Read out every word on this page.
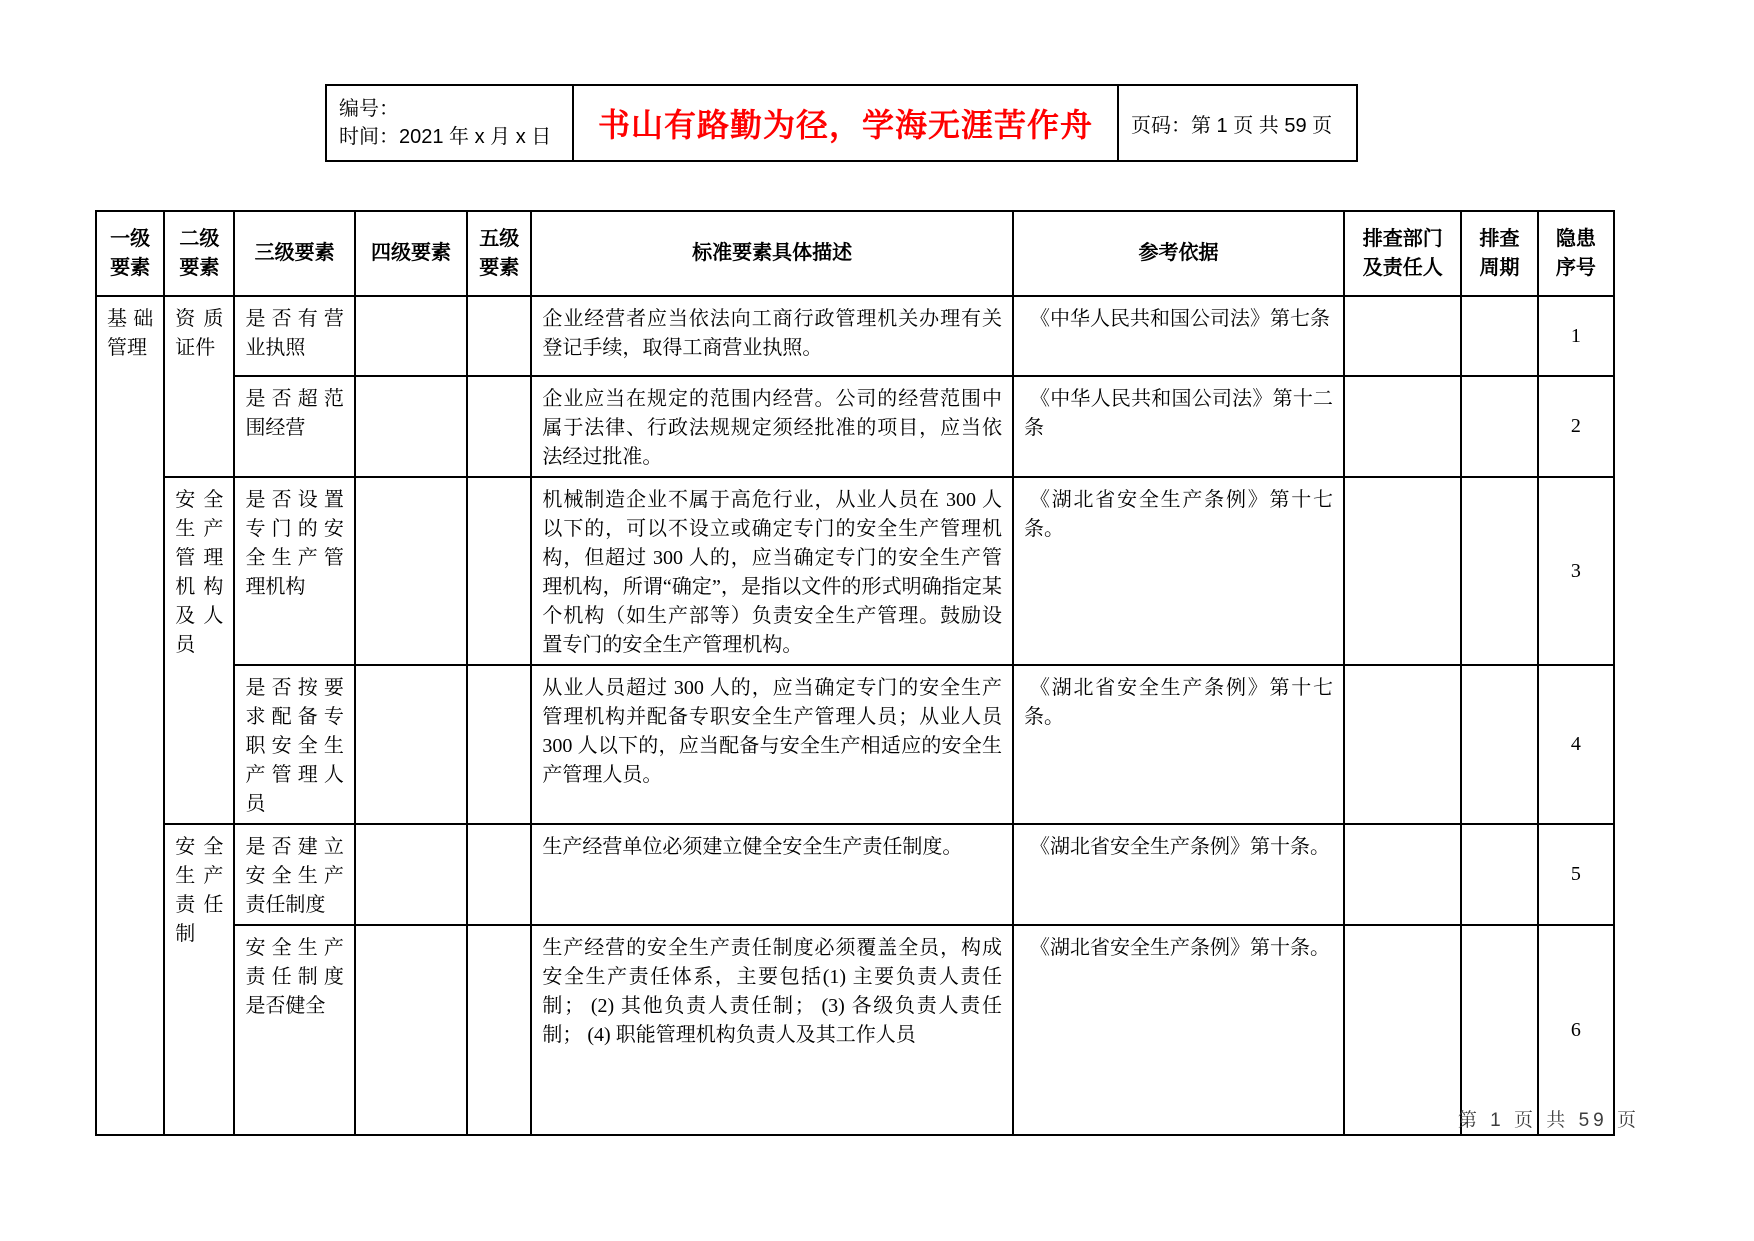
编号：
时间：2021 年 x 月 x 日	书山有路勤为径，学海无涯苦作舟	页码：第 1 页 共 59 页
一级要素	二级要素	三级要素	四级要素	五级要素	标准要素具体描述	参考依据	排查部门及责任人	排查周期	隐患序号
基础管理	资质证件	是否有营业执照			企业经营者应当依法向工商行政管理机关办理有关登记手续，取得工商营业执照。	《中华人民共和国公司法》第七条			1
		是否超范围经营			企业应当在规定的范围内经营。公司的经营范围中属于法律、行政法规规定须经批准的项目，应当依法经过批准。	《中华人民共和国公司法》第十二条			2
	安全生产管理机构及人员	是否设置专门的安全生产管理机构			机械制造企业不属于高危行业，从业人员在 300 人以下的，可以不设立或确定专门的安全生产管理机构，但超过 300 人的，应当确定专门的安全生产管理机构，所谓“确定”，是指以文件的形式明确指定某个机构（如生产部等）负责安全生产管理。鼓励设置专门的安全生产管理机构。	《湖北省安全生产条例》第十七条。			3
		是否按要求配备专职安全生产管理人员			从业人员超过 300 人的，应当确定专门的安全生产管理机构并配备专职安全生产管理人员；从业人员 300 人以下的，应当配备与安全生产相适应的安全生产管理人员。	《湖北省安全生产条例》第十七条。			4
	安全生产责任制	是否建立安全生产责任制度			生产经营单位必须建立健全安全生产责任制度。	《湖北省安全生产条例》第十条。			5
		安全生产责任制度是否健全			生产经营的安全生产责任制度必须覆盖全员，构成安全生产责任体系，主要包括(1) 主要负责人责任制； (2) 其他负责人责任制； (3) 各级负责人责任制； (4) 职能管理机构负责人及其工作人员	《湖北省安全生产条例》第十条。			6
第 1 页 共 59 页
